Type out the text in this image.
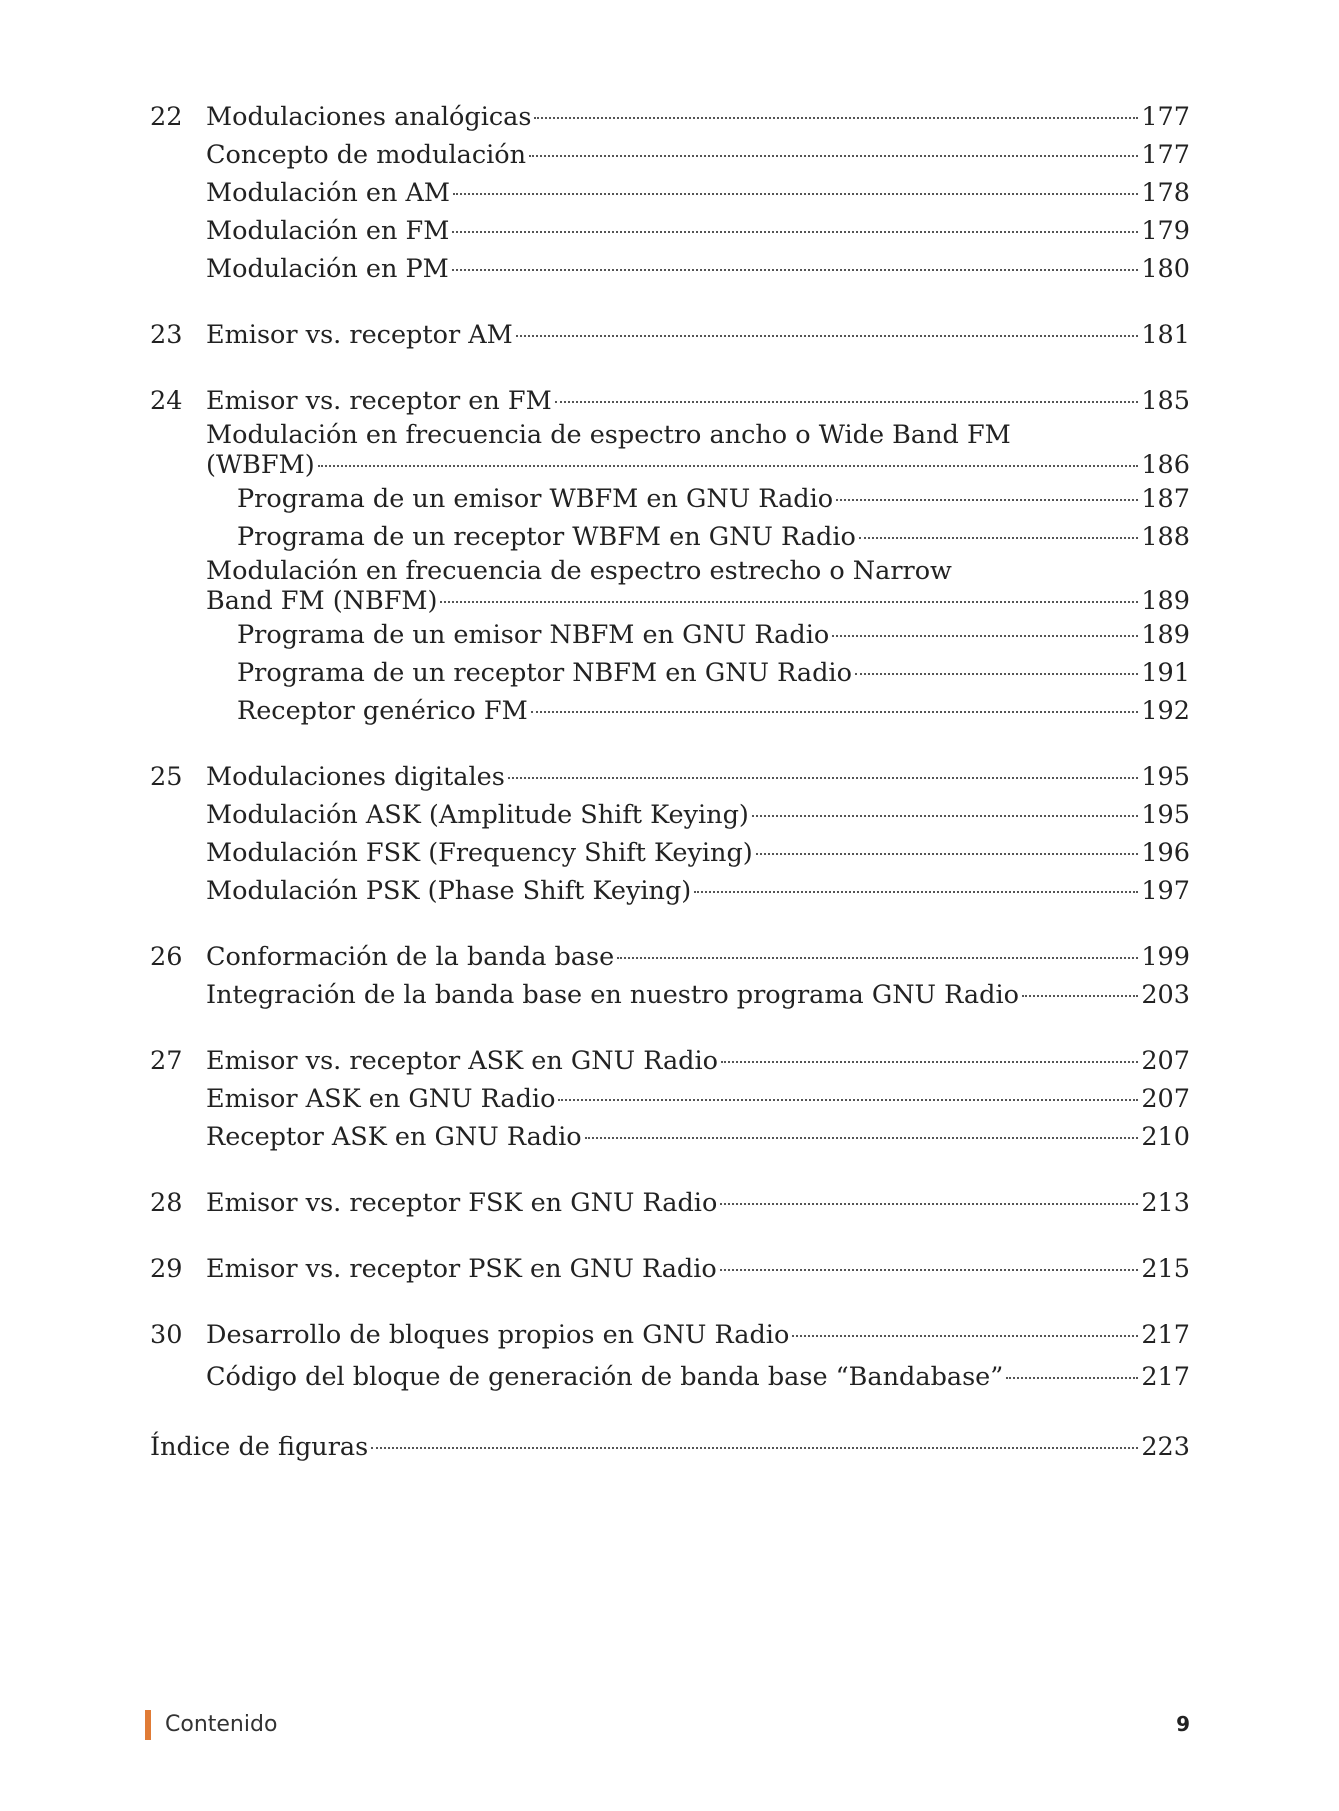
22 Modulaciones analógicas	177
Concepto de modulación	177
Modulación en AM	178
Modulación en FM	179
Modulación en PM	180
23 Emisor vs. receptor AM	181
24 Emisor vs. receptor en FM	185
Modulación en frecuencia de espectro ancho o Wide Band FM
(WBFM)	186
Programa de un emisor WBFM en GNU Radio	187
Programa de un receptor WBFM en GNU Radio	188
Modulación en frecuencia de espectro estrecho o Narrow
Band FM (NBFM)	189
Programa de un emisor NBFM en GNU Radio	189
Programa de un receptor NBFM en GNU Radio	191
Receptor genérico FM	192
25 Modulaciones digitales	195
Modulación ASK (Amplitude Shift Keying)	195
Modulación FSK (Frequency Shift Keying)	196
Modulación PSK (Phase Shift Keying)	197
26 Conformación de la banda base	199
Integración de la banda base en nuestro programa GNU Radio	203
27 Emisor vs. receptor ASK en GNU Radio	207
Emisor ASK en GNU Radio	207
Receptor ASK en GNU Radio	210
28 Emisor vs. receptor FSK en GNU Radio	213
29 Emisor vs. receptor PSK en GNU Radio	215
30 Desarrollo de bloques propios en GNU Radio	217
Código del bloque de generación de banda base “Bandabase”	217
Índice de figuras	223
Contenido	9
